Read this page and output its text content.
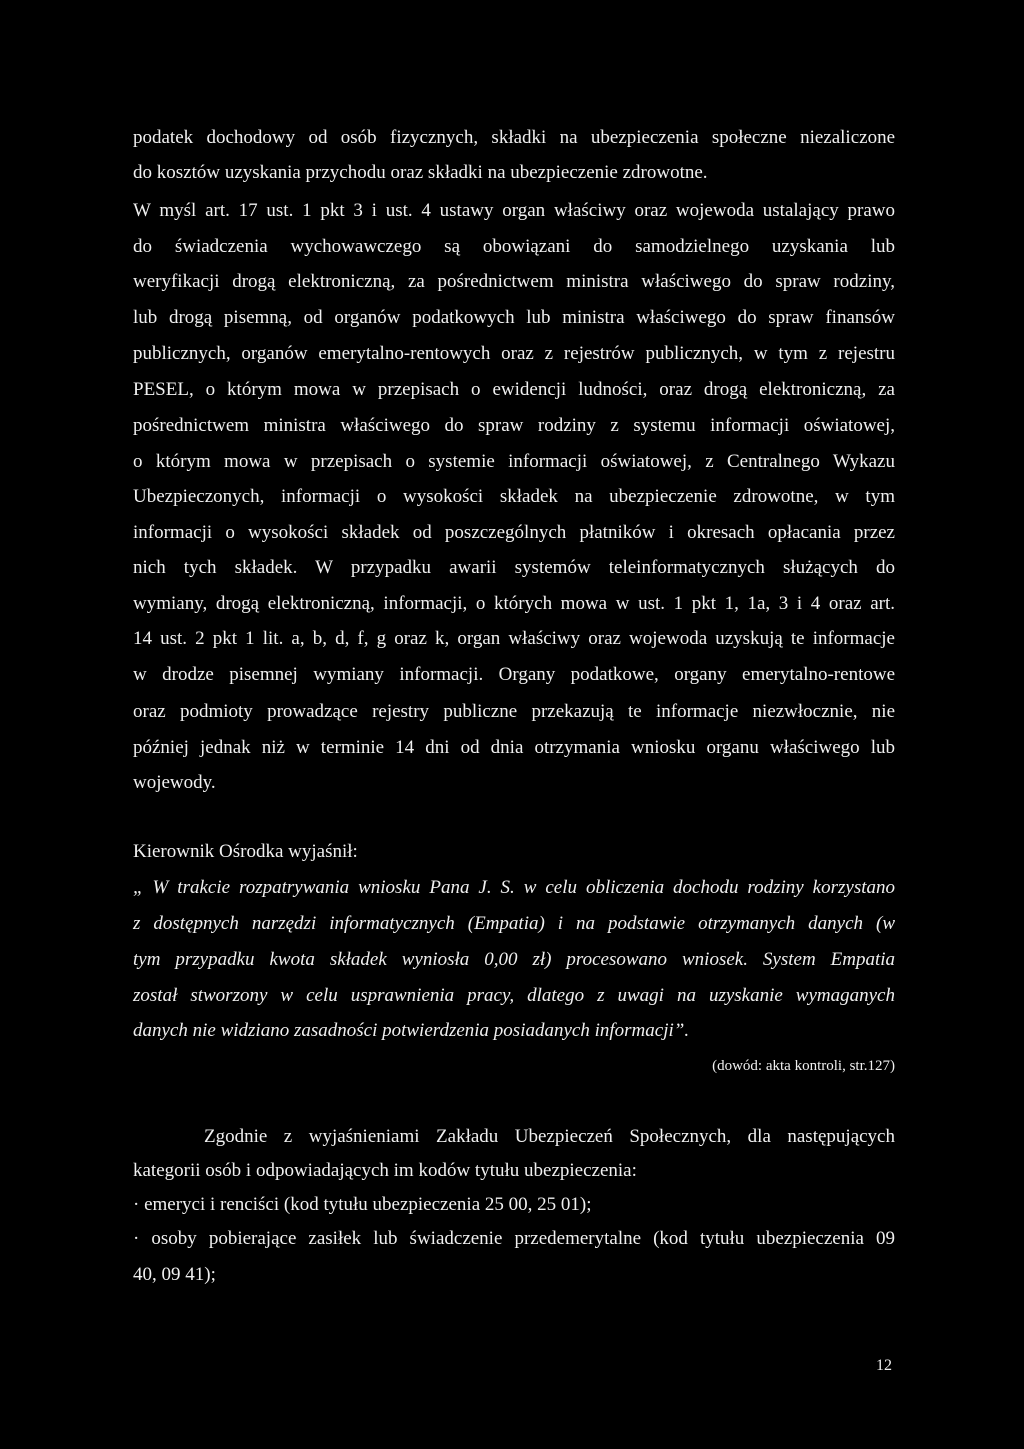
podatek dochodowy od osób fizycznych, składki na ubezpieczenia społeczne niezaliczone
do kosztów uzyskania przychodu oraz składki na ubezpieczenie zdrowotne.
W myśl art. 17 ust. 1 pkt 3 i ust. 4 ustawy organ właściwy oraz wojewoda ustalający prawo
do świadczenia wychowawczego są obowiązani do samodzielnego uzyskania lub
weryfikacji drogą elektroniczną, za pośrednictwem ministra właściwego do spraw rodziny,
lub drogą pisemną, od organów podatkowych lub ministra właściwego do spraw finansów
publicznych, organów emerytalno-rentowych oraz z rejestrów publicznych, w tym z rejestru
PESEL, o którym mowa w przepisach o ewidencji ludności, oraz drogą elektroniczną, za
pośrednictwem ministra właściwego do spraw rodziny z systemu informacji oświatowej,
o którym mowa w przepisach o systemie informacji oświatowej, z Centralnego Wykazu
Ubezpieczonych, informacji o wysokości składek na ubezpieczenie zdrowotne, w tym
informacji o wysokości składek od poszczególnych płatników i okresach opłacania przez
nich tych składek. W przypadku awarii systemów teleinformatycznych służących do
wymiany, drogą elektroniczną, informacji, o których mowa w ust. 1 pkt 1, 1a, 3 i 4 oraz art.
14 ust. 2 pkt 1 lit. a, b, d, f, g oraz k, organ właściwy oraz wojewoda uzyskują te informacje
w drodze pisemnej wymiany informacji. Organy podatkowe, organy emerytalno-rentowe
oraz podmioty prowadzące rejestry publiczne przekazują te informacje niezwłocznie, nie
później jednak niż w terminie 14 dni od dnia otrzymania wniosku organu właściwego lub
wojewody.
Kierownik Ośrodka wyjaśnił:
„ W trakcie rozpatrywania wniosku Pana J. S. w celu obliczenia dochodu rodziny korzystano
z dostępnych narzędzi informatycznych (Empatia) i na podstawie otrzymanych danych (w
tym przypadku kwota składek wyniosła 0,00 zł) procesowano wniosek. System Empatia
został stworzony w celu usprawnienia pracy, dlatego z uwagi na uzyskanie wymaganych
danych nie widziano zasadności potwierdzenia posiadanych informacji”.
(dowód: akta kontroli, str.127)
Zgodnie z wyjaśnieniami Zakładu Ubezpieczeń Społecznych, dla następujących
kategorii osób i odpowiadających im kodów tytułu ubezpieczenia:
· emeryci i renciści (kod tytułu ubezpieczenia 25 00, 25 01);
· osoby pobierające zasiłek lub świadczenie przedemerytalne (kod tytułu ubezpieczenia 09
40, 09 41);
12
